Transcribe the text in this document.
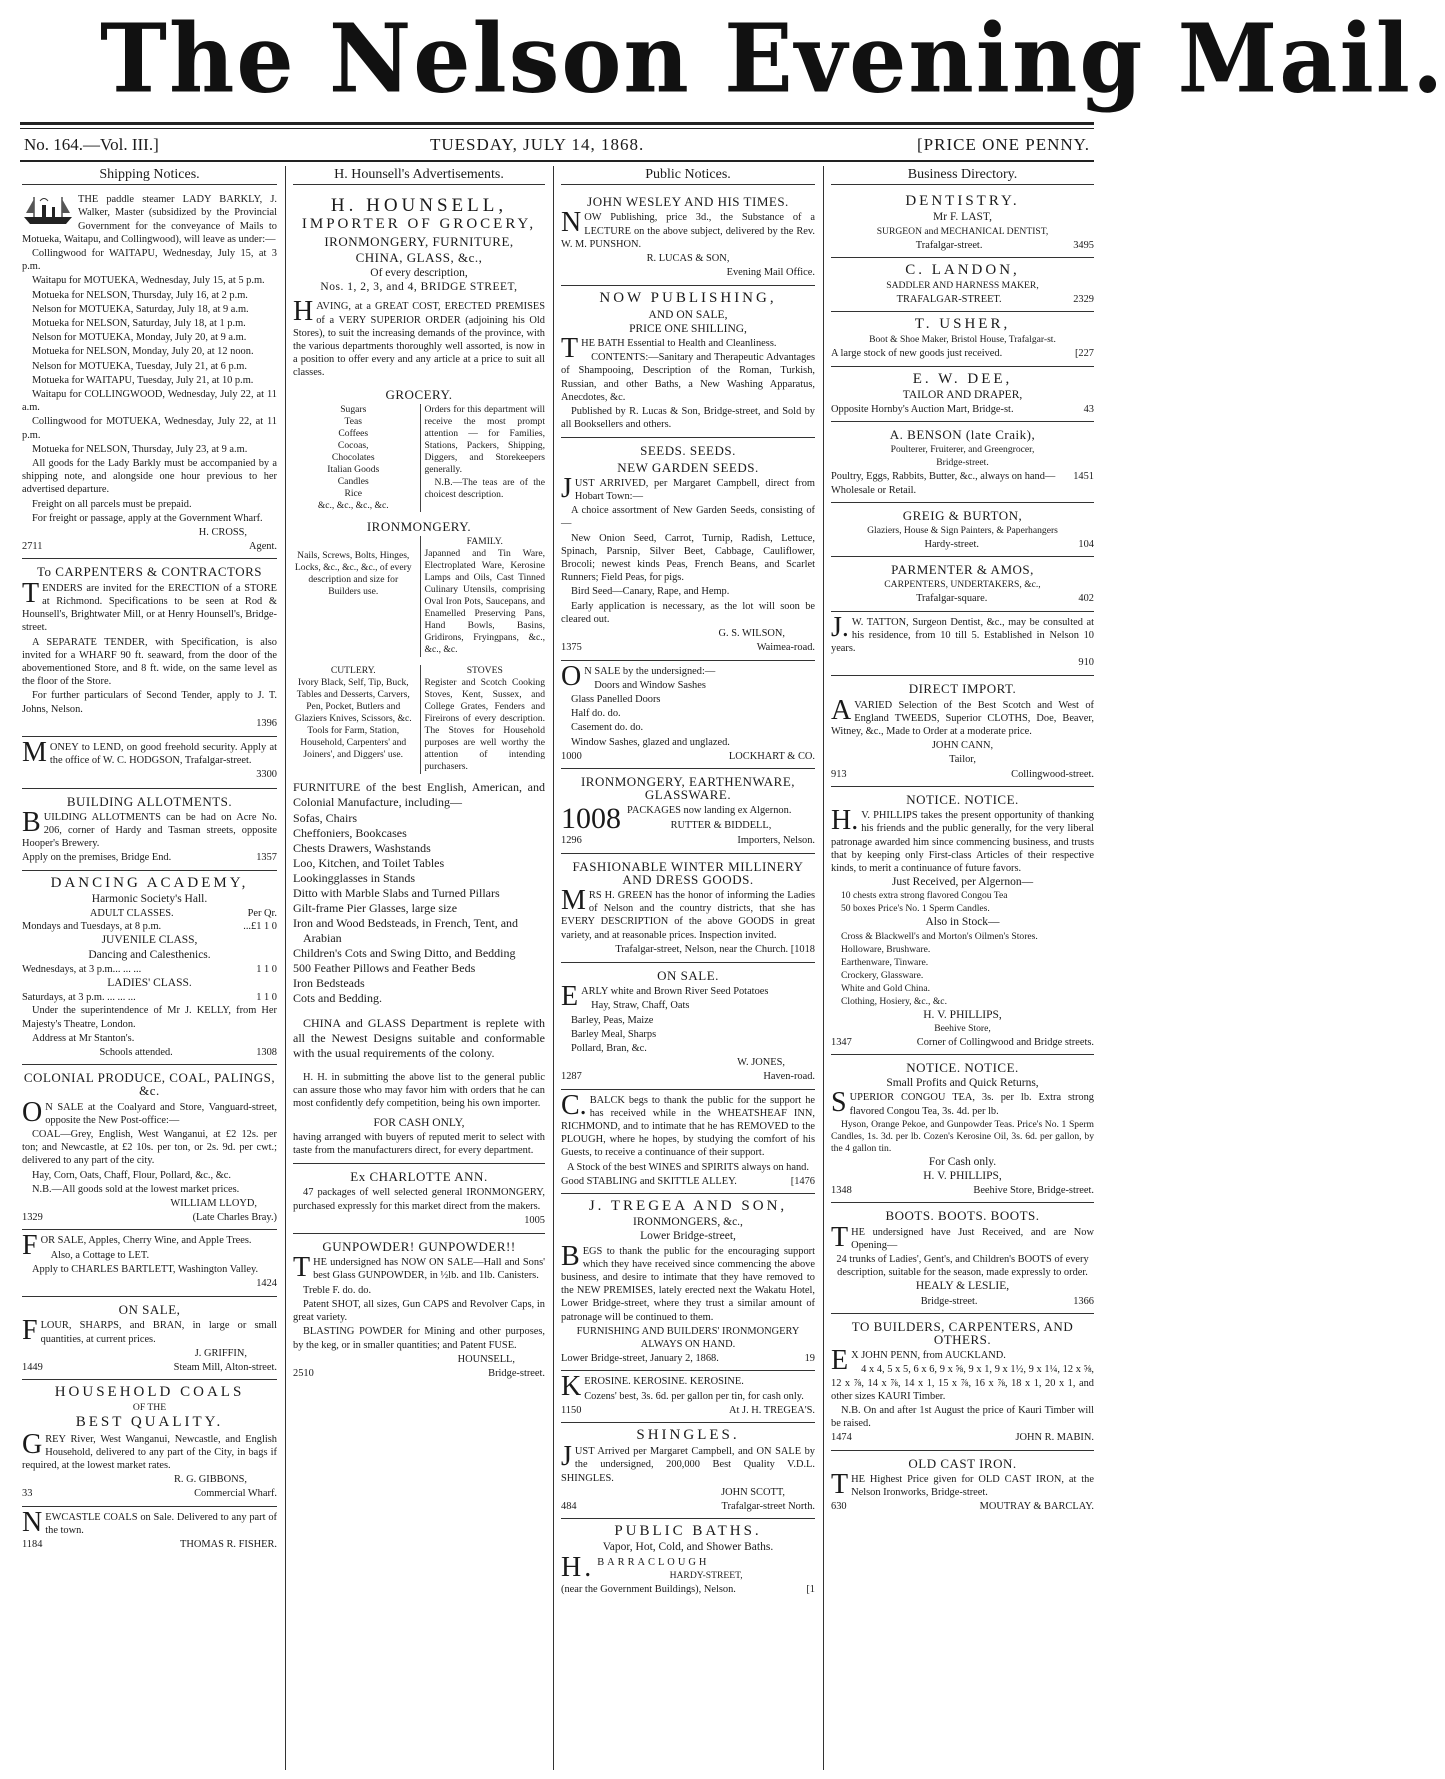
The Nelson Evening Mail.
No. 164.—Vol. III.]	TUESDAY, JULY 14, 1868.	[PRICE ONE PENNY.
Shipping Notices.

THE paddle steamer LADY BARKLY, J. Walker, Master (subsidized by the Provincial Government for the conveyance of Mails to Motueka, Waitapu, and Collingwood), will leave as under:—

Collingwood for WAITAPU, Wednesday, July 15, at 3 p.m.

Waitapu for MOTUEKA, Wednesday, July 15, at 5 p.m.

Motueka for NELSON, Thursday, July 16, at 2 p.m.

Nelson for MOTUEKA, Saturday, July 18, at 9 a.m.

Motueka for NELSON, Saturday, July 18, at 1 p.m.

Nelson for MOTUEKA, Monday, July 20, at 9 a.m.

Motueka for NELSON, Monday, July 20, at 12 noon.

Nelson for MOTUEKA, Tuesday, July 21, at 6 p.m.

Motueka for WAITAPU, Tuesday, July 21, at 10 p.m.

Waitapu for COLLINGWOOD, Wednesday, July 22, at 11 a.m.

Collingwood for MOTUEKA, Wednesday, July 22, at 11 p.m.

Motueka for NELSON, Thursday, July 23, at 9 a.m.

All goods for the Lady Barkly must be accompanied by a shipping note, and alongside one hour previous to her advertised departure.

Freight on all parcels must be prepaid.

For freight or passage, apply at the Government Wharf.

H. CROSS,

2711	Agent.
To CARPENTERS & CONTRACTORS

TENDERS are invited for the ERECTION of a STORE at Richmond. Specifications to be seen at Rod & Hounsell's, Brightwater Mill, or at Henry Hounsell's, Bridge-street.

A SEPARATE TENDER, with Specification, is also invited for a WHARF 90 ft. seaward, from the door of the abovementioned Store, and 8 ft. wide, on the same level as the floor of the Store.

For further particulars of Second Tender, apply to J. T. Johns, Nelson.

1396

MONEY to LEND, on good freehold security. Apply at the office of W. C. HODGSON, Trafalgar-street.

3300

BUILDING ALLOTMENTS.

BUILDING ALLOTMENTS can be had on Acre No. 206, corner of Hardy and Tasman streets, opposite Hooper's Brewery.

Apply on the premises, Bridge End.	1357
DANCING ACADEMY,
Harmonic Society's Hall.
ADULT CLASSES.	Per Qr.
Mondays and Tuesdays, at 8 p.m.	...£1 1 0
JUVENILE CLASS,
Dancing and Calesthenics.
Wednesdays, at 3 p.m... ... ...	1 1 0
LADIES' CLASS.
Saturdays, at 3 p.m. ... ... ...	1 1 0

Under the superintendence of Mr J. KELLY, from Her Majesty's Theatre, London.

Address at Mr Stanton's.

Schools attended.	1308
COLONIAL PRODUCE, COAL, PALINGS, &c.

ON SALE at the Coalyard and Store, Vanguard-street, opposite the New Post-office:—

COAL—Grey, English, West Wanganui, at £2 12s. per ton; and Newcastle, at £2 10s. per ton, or 2s. 9d. per cwt.; delivered to any part of the city.

Hay, Corn, Oats, Chaff, Flour, Pollard, &c., &c.

N.B.—All goods sold at the lowest market prices.

WILLIAM LLOYD,

1329	(Late Charles Bray.)

FOR SALE, Apples, Cherry Wine, and Apple Trees.

Also, a Cottage to LET.

Apply to CHARLES BARTLETT, Washington Valley.

1424

ON SALE,

FLOUR, SHARPS, and BRAN, in large or small quantities, at current prices.

J. GRIFFIN,

1449	Steam Mill, Alton-street.
HOUSEHOLD COALS
OF THE
BEST QUALITY.

GREY River, West Wanganui, Newcastle, and English Household, delivered to any part of the City, in bags if required, at the lowest market rates.

R. G. GIBBONS,

33	Commercial Wharf.

NEWCASTLE COALS on Sale. Delivered to any part of the town.

1184	THOMAS R. FISHER.
H. Hounsell's Advertisements.
H. HOUNSELL,
IMPORTER OF GROCERY,
IRONMONGERY, FURNITURE,
CHINA, GLASS, &c.,
Of every description,
Nos. 1, 2, 3, and 4, BRIDGE STREET,

HAVING, at a GREAT COST, ERECTED PREMISES of a VERY SUPERIOR ORDER (adjoining his Old Stores), to suit the increasing demands of the province, with the various departments thoroughly well assorted, is now in a position to offer every and any article at a price to suit all classes.

GROCERY.
Sugars
Teas
Coffees
Cocoas,
Chocolates
Italian Goods
Candles
Rice
&c., &c., &c., &c.

Orders for this department will receive the most prompt attention — for Families, Stations, Packers, Shipping, Diggers, and Storekeepers generally.

N.B.—The teas are of the choicest description.

IRONMONGERY.
Nails, Screws, Bolts, Hinges, Locks, &c., &c., &c., of every description and size for Builders use.
FAMILY.

Japanned and Tin Ware, Electroplated Ware, Kerosine Lamps and Oils, Cast Tinned Culinary Utensils, comprising Oval Iron Pots, Saucepans, and Enamelled Preserving Pans, Hand Bowls, Basins, Gridirons, Fryingpans, &c., &c., &c.

CUTLERY.

Ivory Black, Self, Tip, Buck, Tables and Desserts, Carvers, Pen, Pocket, Butlers and Glaziers Knives, Scissors, &c. Tools for Farm, Station, Household, Carpenters' and Joiners', and Diggers' use.

STOVES

Register and Scotch Cooking Stoves, Kent, Sussex, and College Grates, Fenders and Fireirons of every description. The Stoves for Household purposes are well worthy the attention of intending purchasers.

FURNITURE of the best English, American, and Colonial Manufacture, including—

Sofas, Chairs

Cheffoniers, Bookcases

Chests Drawers, Washstands

Loo, Kitchen, and Toilet Tables

Lookingglasses in Stands

Ditto with Marble Slabs and Turned Pillars

Gilt-frame Pier Glasses, large size

Iron and Wood Bedsteads, in French, Tent, and Arabian

Children's Cots and Swing Ditto, and Bedding

500 Feather Pillows and Feather Beds

Iron Bedsteads

Cots and Bedding.

CHINA and GLASS Department is replete with all the Newest Designs suitable and conformable with the usual requirements of the colony.

H. H. in submitting the above list to the general public can assure those who may favor him with orders that he can most confidently defy competition, being his own importer.

FOR CASH ONLY,

having arranged with buyers of reputed merit to select with taste from the manufacturers direct, for every department.

Ex CHARLOTTE ANN.

47 packages of well selected general IRONMONGERY, purchased expressly for this market direct from the makers.

1005

GUNPOWDER! GUNPOWDER!!

THE undersigned has NOW ON SALE—Hall and Sons' best Glass GUNPOWDER, in ½lb. and 1lb. Canisters.

Treble F. do. do.

Patent SHOT, all sizes, Gun CAPS and Revolver Caps, in great variety.

BLASTING POWDER for Mining and other purposes, by the keg, or in smaller quantities; and Patent FUSE.

HOUNSELL,

2510	Bridge-street.
Public Notices.
JOHN WESLEY AND HIS TIMES.

NOW Publishing, price 3d., the Substance of a LECTURE on the above subject, delivered by the Rev. W. M. PUNSHON.

R. LUCAS & SON,

Evening Mail Office.

NOW PUBLISHING,
AND ON SALE,
PRICE ONE SHILLING,

THE BATH Essential to Health and Cleanliness.

CONTENTS:—Sanitary and Therapeutic Advantages of Shampooing, Description of the Roman, Turkish, Russian, and other Baths, a New Washing Apparatus, Anecdotes, &c.

Published by R. Lucas & Son, Bridge-street, and Sold by all Booksellers and others.

SEEDS. SEEDS.
NEW GARDEN SEEDS.

JUST ARRIVED, per Margaret Campbell, direct from Hobart Town:—

A choice assortment of New Garden Seeds, consisting of—

New Onion Seed, Carrot, Turnip, Radish, Lettuce, Spinach, Parsnip, Silver Beet, Cabbage, Cauliflower, Brocoli; newest kinds Peas, French Beans, and Scarlet Runners; Field Peas, for pigs.

Bird Seed—Canary, Rape, and Hemp.

Early application is necessary, as the lot will soon be cleared out.

G. S. WILSON,

1375	Waimea-road.

ON SALE by the undersigned:—

Doors and Window Sashes

Glass Panelled Doors

Half do. do.

Casement do. do.

Window Sashes, glazed and unglazed.

1000	LOCKHART & CO.
IRONMONGERY, EARTHENWARE, GLASSWARE.
1008 PACKAGES now landing ex Algernon.

RUTTER & BIDDELL,

1296	Importers, Nelson.
FASHIONABLE WINTER MILLINERY AND DRESS GOODS.

MRS H. GREEN has the honor of informing the Ladies of Nelson and the country districts, that she has EVERY DESCRIPTION of the above GOODS in great variety, and at reasonable prices. Inspection invited.

Trafalgar-street, Nelson, near the Church. [1018

ON SALE.

EARLY white and Brown River Seed Potatoes

Hay, Straw, Chaff, Oats

Barley, Peas, Maize

Barley Meal, Sharps

Pollard, Bran, &c.

W. JONES,

1287	Haven-road.

C.BALCK begs to thank the public for the support he has received while in the WHEATSHEAF INN, RICHMOND, and to intimate that he has REMOVED to the PLOUGH, where he hopes, by studying the comfort of his Guests, to receive a continuance of their support.

A Stock of the best WINES and SPIRITS always on hand.

Good STABLING and SKITTLE ALLEY.	[1476
J. TREGEA AND SON,
IRONMONGERS, &c.,
Lower Bridge-street,

BEGS to thank the public for the encouraging support which they have received since commencing the above business, and desire to intimate that they have removed to the NEW PREMISES, lately erected next the Wakatu Hotel, Lower Bridge-street, where they trust a similar amount of patronage will be continued to them.

FURNISHING AND BUILDERS' IRONMONGERY ALWAYS ON HAND.

Lower Bridge-street, January 2, 1868.	19

KEROSINE. KEROSINE. KEROSINE.

Cozens' best, 3s. 6d. per gallon per tin, for cash only.

1150	At J. H. TREGEA'S.
SHINGLES.

JUST Arrived per Margaret Campbell, and ON SALE by the undersigned, 200,000 Best Quality V.D.L. SHINGLES.

JOHN SCOTT,

484	Trafalgar-street North.
PUBLIC BATHS.
Vapor, Hot, Cold, and Shower Baths.

H.BARRACLOUGH

HARDY-STREET,
(near the Government Buildings), Nelson.	[1
Business Directory.
DENTISTRY.
Mr F. LAST,
SURGEON and MECHANICAL DENTIST,
Trafalgar-street.	3495
C. LANDON,
SADDLER AND HARNESS MAKER,
TRAFALGAR-STREET.	2329
T. USHER,
Boot & Shoe Maker, Bristol House, Trafalgar-st.
A large stock of new goods just received.	[227
E. W. DEE,
TAILOR AND DRAPER,
Opposite Hornby's Auction Mart, Bridge-st.	43
A. BENSON (late Craik),
Poulterer, Fruiterer, and Greengrocer,
Bridge-street.
Poultry, Eggs, Rabbits, Butter, &c., always on hand—Wholesale or Retail.
1451
GREIG & BURTON,
Glaziers, House & Sign Painters, & Paperhangers
Hardy-street.	104
PARMENTER & AMOS,
CARPENTERS, UNDERTAKERS, &c.,
Trafalgar-square.	402

J.W. TATTON, Surgeon Dentist, &c., may be consulted at his residence, from 10 till 5. Established in Nelson 10 years.

910

DIRECT IMPORT.

AVARIED Selection of the Best Scotch and West of England TWEEDS, Superior CLOTHS, Doe, Beaver, Witney, &c., Made to Order at a moderate price.

JOHN CANN,

Tailor,

913	Collingwood-street.
NOTICE. NOTICE.

H.V. PHILLIPS takes the present opportunity of thanking his friends and the public generally, for the very liberal patronage awarded him since commencing business, and trusts that by keeping only First-class Articles of their respective kinds, to merit a continuance of future favors.

Just Received, per Algernon—

10 chests extra strong flavored Congou Tea

50 boxes Price's No. 1 Sperm Candles.

Also in Stock—

Cross & Blackwell's and Morton's Oilmen's Stores.

Holloware, Brushware.

Earthenware, Tinware.

Crockery, Glassware.

White and Gold China.

Clothing, Hosiery, &c., &c.

H. V. PHILLIPS,
Beehive Store,
1347	Corner of Collingwood and Bridge streets.
NOTICE. NOTICE.
Small Profits and Quick Returns,

SUPERIOR CONGOU TEA, 3s. per lb. Extra strong flavored Congou Tea, 3s. 4d. per lb.

Hyson, Orange Pekoe, and Gunpowder Teas. Price's No. 1 Sperm Candles, 1s. 3d. per lb. Cozen's Kerosine Oil, 3s. 6d. per gallon, by the 4 gallon tin.

For Cash only.
H. V. PHILLIPS,
1348	Beehive Store, Bridge-street.
BOOTS. BOOTS. BOOTS.

THE undersigned have Just Received, and are Now Opening—

24 trunks of Ladies', Gent's, and Children's BOOTS of every description, suitable for the season, made expressly to order.

HEALY & LESLIE,
Bridge-street.	1366
TO BUILDERS, CARPENTERS, AND OTHERS.

EX JOHN PENN, from AUCKLAND.

4 x 4, 5 x 5, 6 x 6, 9 x ⅝, 9 x 1, 9 x 1½, 9 x 1¼, 12 x ⅝, 12 x ⅞, 14 x ⅞, 14 x 1, 15 x ⅞, 16 x ⅞, 18 x 1, 20 x 1, and other sizes KAURI Timber.

N.B. On and after 1st August the price of Kauri Timber will be raised.

1474	JOHN R. MABIN.
OLD CAST IRON.

THE Highest Price given for OLD CAST IRON, at the Nelson Ironworks, Bridge-street.

630	MOUTRAY & BARCLAY.
